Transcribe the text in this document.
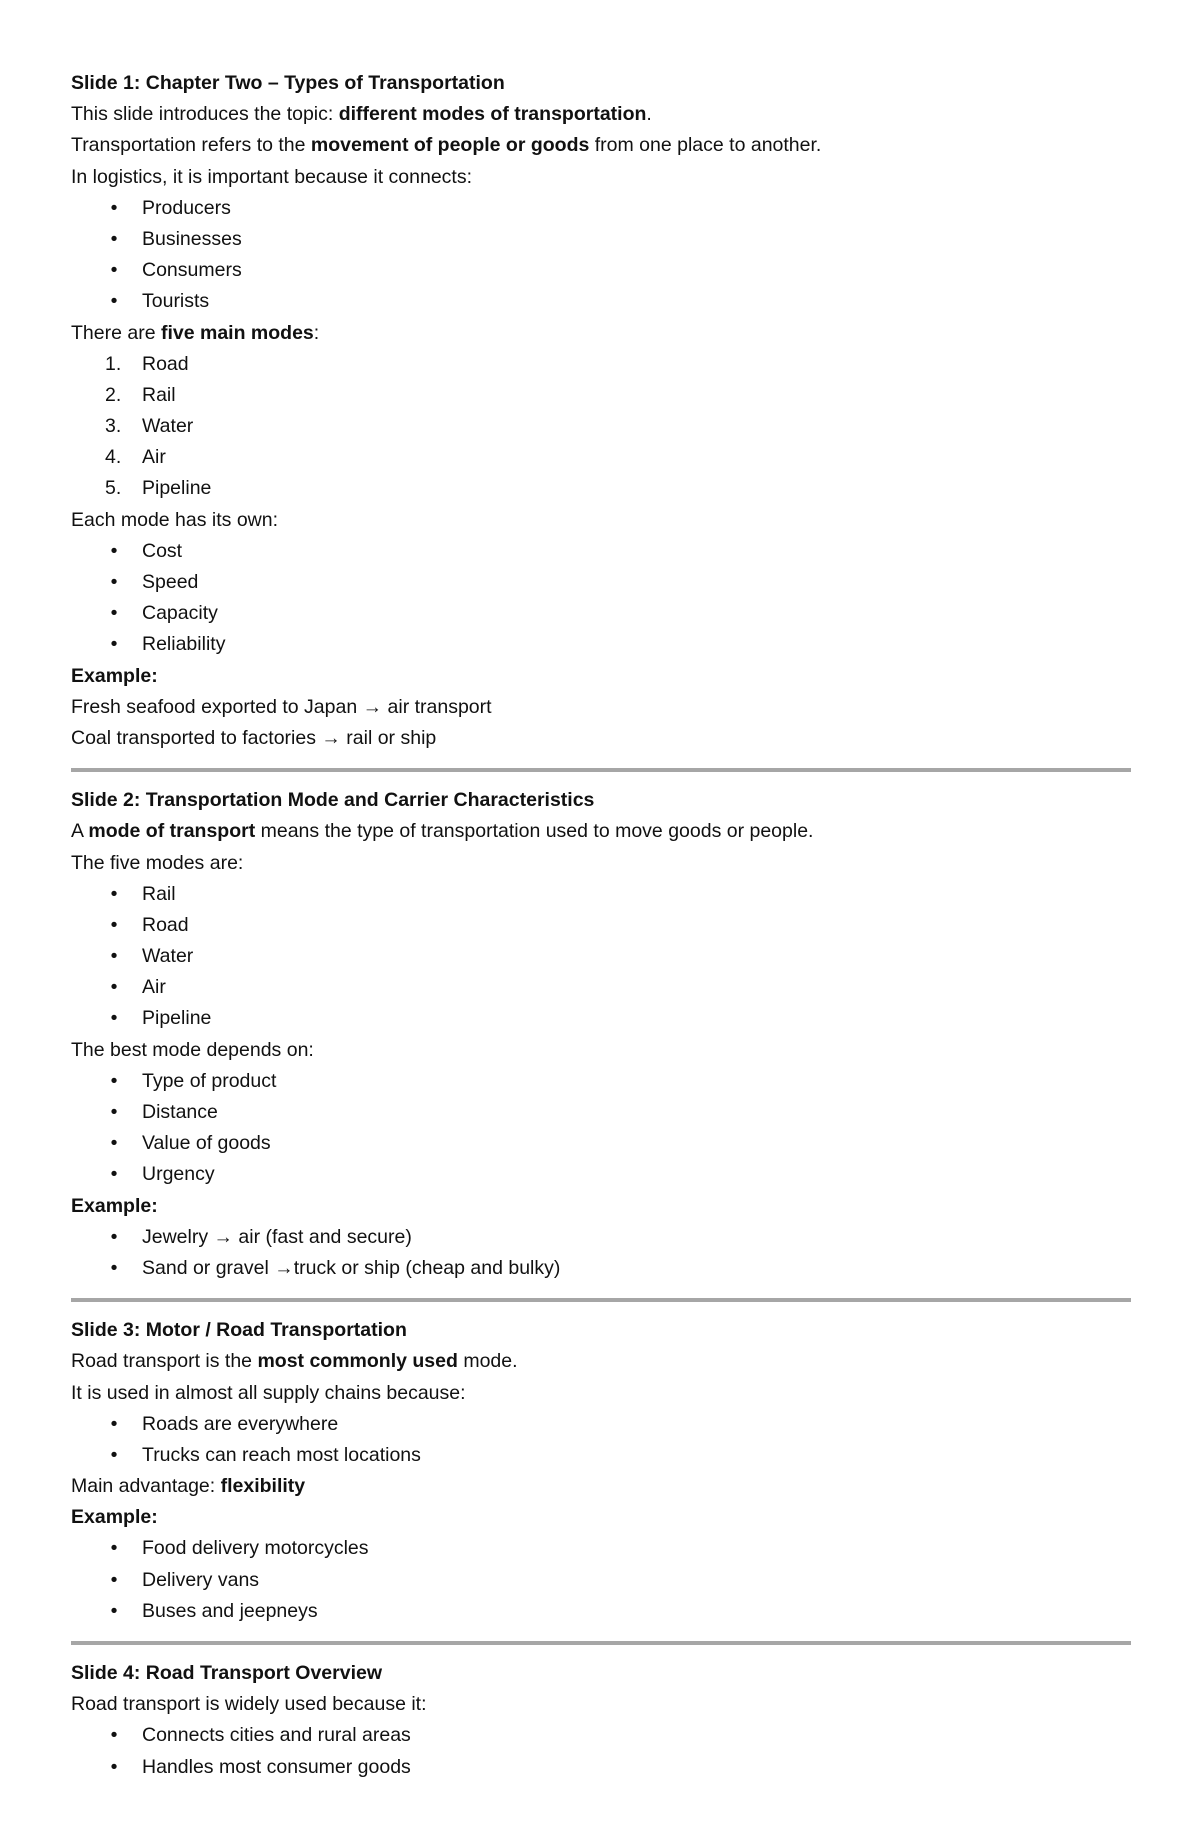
Slide 1: Chapter Two – Types of Transportation
This slide introduces the topic: different modes of transportation.
Transportation refers to the movement of people or goods from one place to another.
In logistics, it is important because it connects:
•	Producers
•	Businesses
•	Consumers
•	Tourists
There are five main modes:
1.	Road
2.	Rail
3.	Water
4.	Air
5.	Pipeline
Each mode has its own:
•	Cost
•	Speed
•	Capacity
•	Reliability
Example:
Fresh seafood exported to Japan → air transport
Coal transported to factories → rail or ship
Slide 2: Transportation Mode and Carrier Characteristics
A mode of transport means the type of transportation used to move goods or people.
The five modes are:
•	Rail
•	Road
•	Water
•	Air
•	Pipeline
The best mode depends on:
•	Type of product
•	Distance
•	Value of goods
•	Urgency
Example:
•	Jewelry → air (fast and secure)
•	Sand or gravel →truck or ship (cheap and bulky)
Slide 3: Motor / Road Transportation
Road transport is the most commonly used mode.
It is used in almost all supply chains because:
•	Roads are everywhere
•	Trucks can reach most locations
Main advantage: flexibility
Example:
•	Food delivery motorcycles
•	Delivery vans
•	Buses and jeepneys
Slide 4: Road Transport Overview
Road transport is widely used because it:
•	Connects cities and rural areas
•	Handles most consumer goods
